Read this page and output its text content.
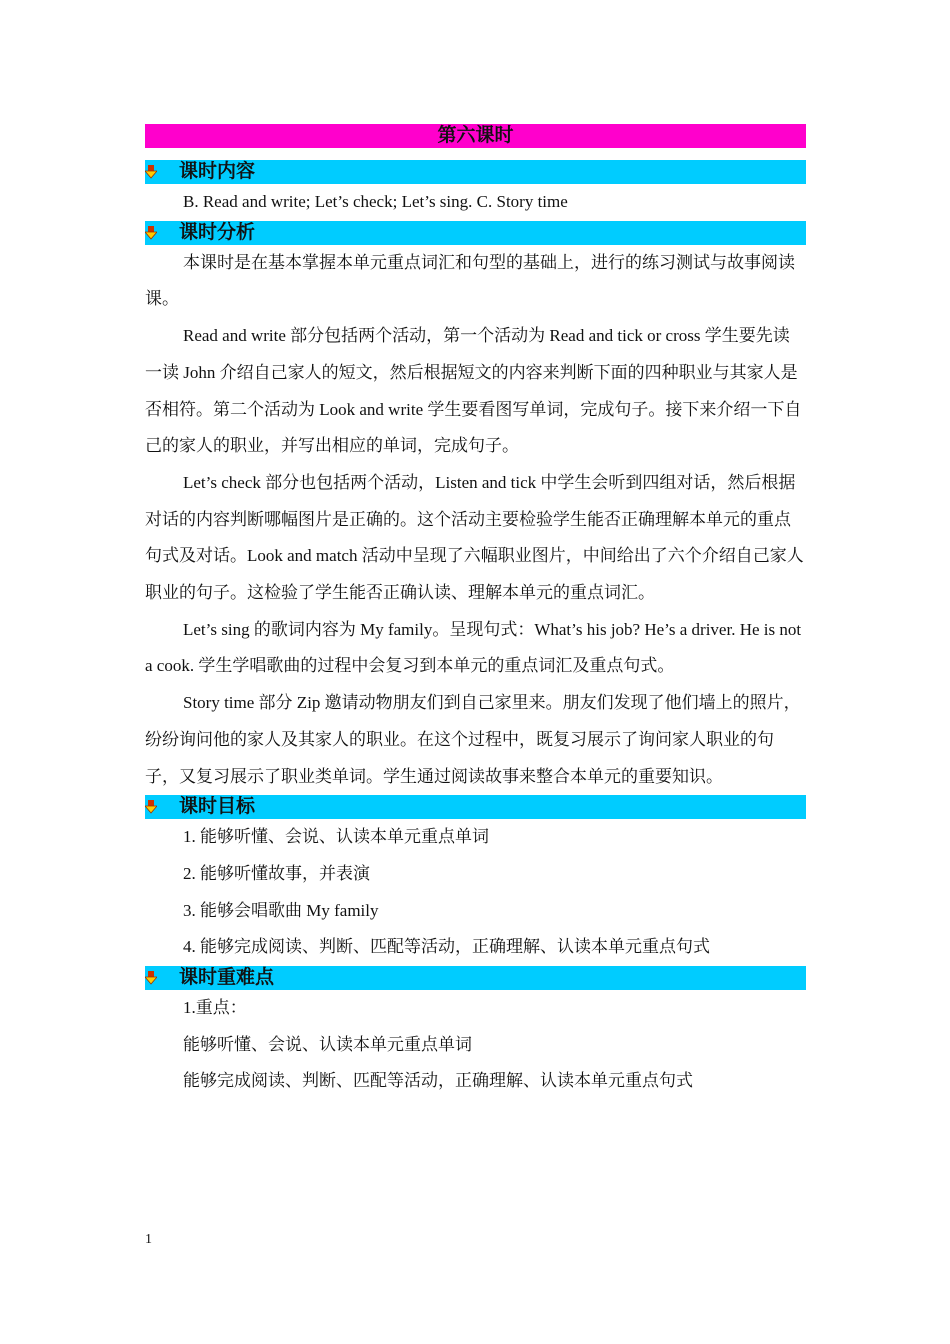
第六课时
课时内容

B. Read and write; Let’s check; Let’s sing. C. Story time

课时分析

本课时是在基本掌握本单元重点词汇和句型的基础上，进行的练习测试与故事阅读课。

Read and write 部分包括两个活动，第一个活动为 Read and tick or cross 学生要先读一读 John 介绍自己家人的短文，然后根据短文的内容来判断下面的四种职业与其家人是否相符。第二个活动为 Look and write 学生要看图写单词，完成句子。接下来介绍一下自己的家人的职业，并写出相应的单词，完成句子。

Let’s check 部分也包括两个活动，Listen and tick 中学生会听到四组对话，然后根据对话的内容判断哪幅图片是正确的。这个活动主要检验学生能否正确理解本单元的重点句式及对话。Look and match 活动中呈现了六幅职业图片，中间给出了六个介绍自己家人职业的句子。这检验了学生能否正确认读、理解本单元的重点词汇。

Let’s sing 的歌词内容为 My family。呈现句式：What’s his job? He’s a driver. He is not a cook. 学生学唱歌曲的过程中会复习到本单元的重点词汇及重点句式。

Story time 部分 Zip 邀请动物朋友们到自己家里来。朋友们发现了他们墙上的照片，纷纷询问他的家人及其家人的职业。在这个过程中，既复习展示了询问家人职业的句子，又复习展示了职业类单词。学生通过阅读故事来整合本单元的重要知识。

课时目标

1. 能够听懂、会说、认读本单元重点单词

2. 能够听懂故事，并表演

3. 能够会唱歌曲 My family

4. 能够完成阅读、判断、匹配等活动，正确理解、认读本单元重点句式

课时重难点

1.重点：

能够听懂、会说、认读本单元重点单词

能够完成阅读、判断、匹配等活动，正确理解、认读本单元重点句式

1
